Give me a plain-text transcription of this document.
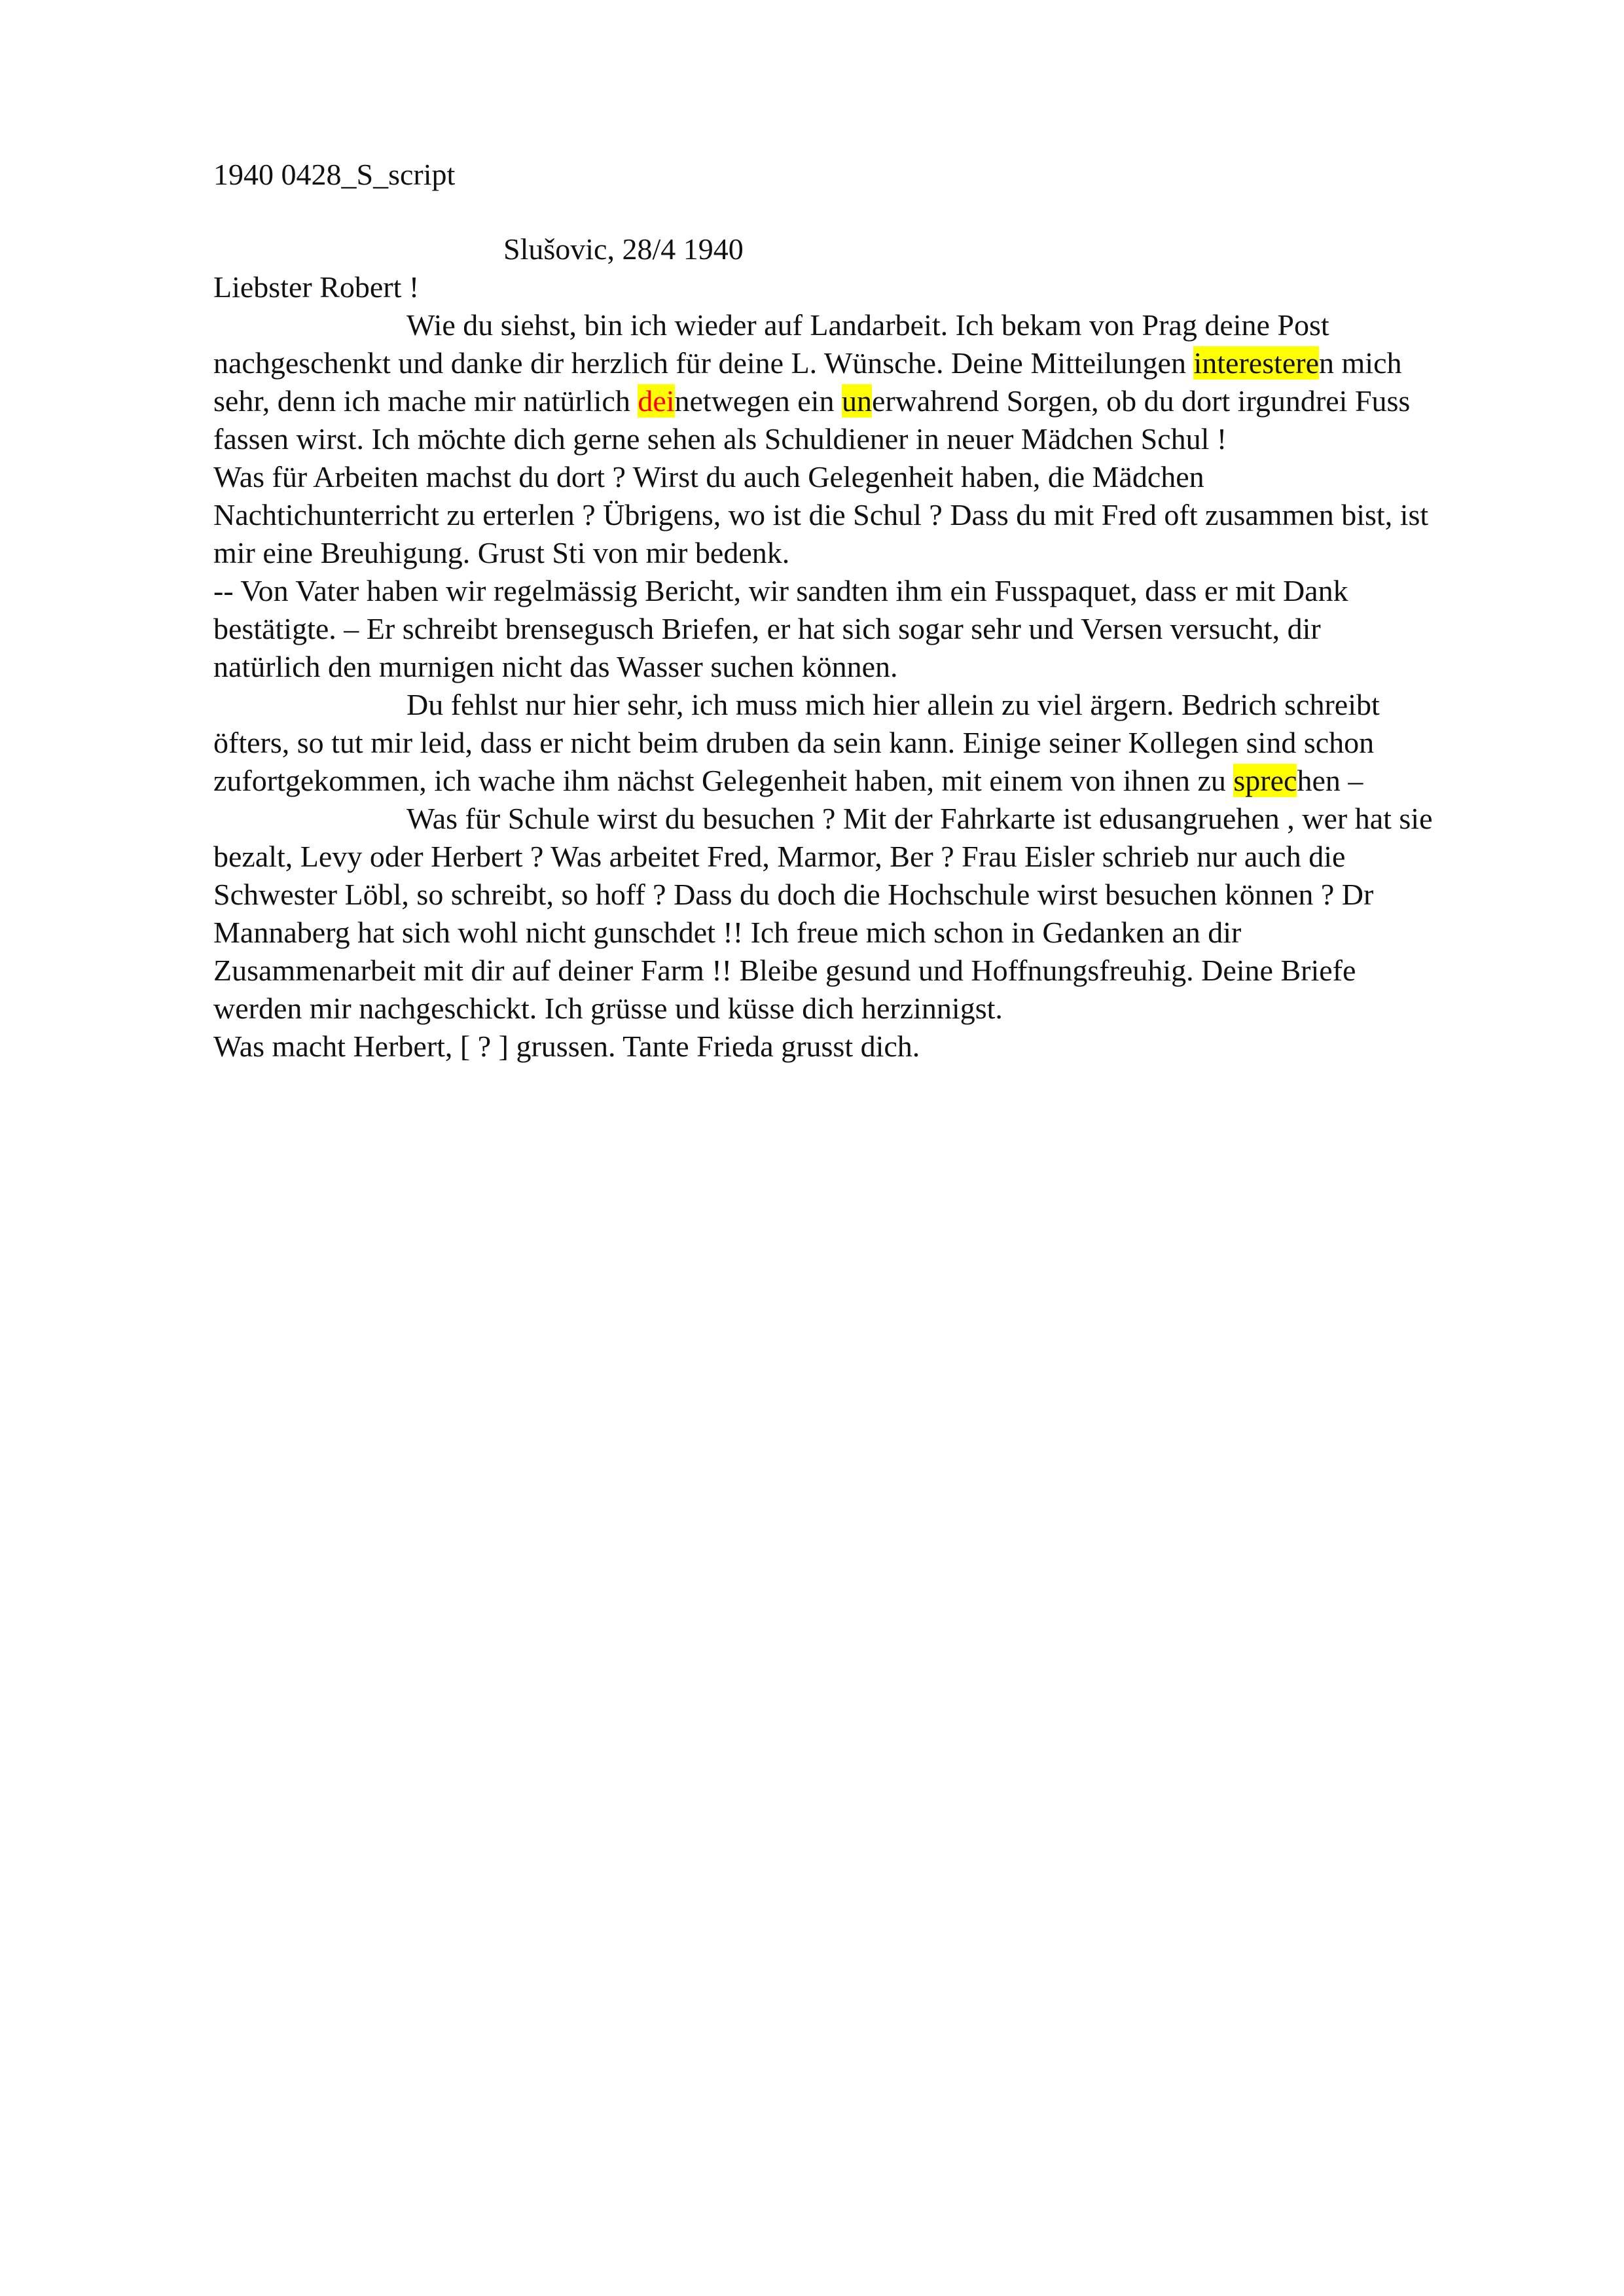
1940 0428_S_script
Slušovic, 28/4 1940
Liebster Robert !
Wie du siehst, bin ich wieder auf Landarbeit. Ich bekam von Prag deine Post
nachgeschenkt und danke dir herzlich für deine L. Wünsche. Deine Mitteilungen interesteren mich
sehr, denn ich mache mir natürlich deinetwegen ein unerwahrend Sorgen, ob du dort irgundrei Fuss
fassen wirst. Ich möchte dich gerne sehen als Schuldiener in neuer Mädchen Schul !
Was für Arbeiten machst du dort ? Wirst du auch Gelegenheit haben, die Mädchen
Nachtichunterricht zu erterlen ? Übrigens, wo ist die Schul ? Dass du mit Fred oft zusammen bist, ist
mir eine Breuhigung. Grust Sti von mir bedenk.
-- Von Vater haben wir regelmässig Bericht, wir sandten ihm ein Fusspaquet, dass er mit Dank
bestätigte. – Er schreibt brensegusch Briefen, er hat sich sogar sehr und Versen versucht, dir
natürlich den murnigen nicht das Wasser suchen können.
Du fehlst nur hier sehr, ich muss mich hier allein zu viel ärgern. Bedrich schreibt
öfters, so tut mir leid, dass er nicht beim druben da sein kann. Einige seiner Kollegen sind schon
zufortgekommen, ich wache ihm nächst Gelegenheit haben, mit einem von ihnen zu sprechen –
Was für Schule wirst du besuchen ? Mit der Fahrkarte ist edusangruehen , wer hat sie
bezalt, Levy oder Herbert ? Was arbeitet Fred, Marmor, Ber ? Frau Eisler schrieb nur auch die
Schwester Löbl, so schreibt, so hoff ? Dass du doch die Hochschule wirst besuchen können ? Dr
Mannaberg hat sich wohl nicht gunschdet !! Ich freue mich schon in Gedanken an dir
Zusammenarbeit mit dir auf deiner Farm !! Bleibe gesund und Hoffnungsfreuhig. Deine Briefe
werden mir nachgeschickt. Ich grüsse und küsse dich herzinnigst.
Was macht Herbert, [ ? ] grussen. Tante Frieda grusst dich.
